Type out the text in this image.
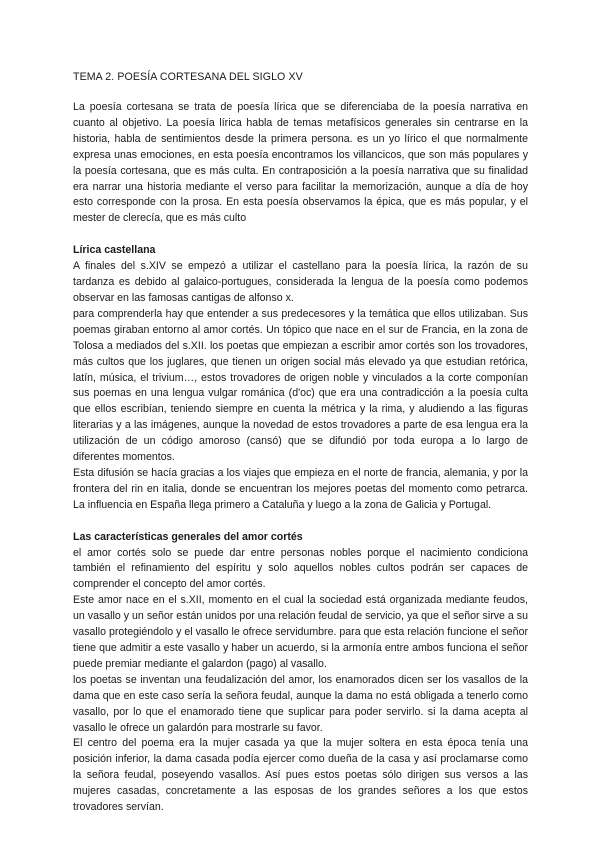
TEMA 2. POESÍA CORTESANA DEL SIGLO XV

La poesía cortesana se trata de poesía lírica que se diferenciaba de la poesía narrativa en cuanto al objetivo. La poesía lírica habla de temas metafísicos generales sin centrarse en la historia, habla de sentimientos desde la primera persona. es un yo lírico el que normalmente expresa unas emociones, en esta poesía encontramos los villancicos, que son más populares y la poesía cortesana, que es más culta. En contraposición a la poesía narrativa que su finalidad era narrar una historia mediante el verso para facilitar la memorización, aunque a día de hoy esto corresponde con la prosa. En esta poesía observamos la épica, que es más popular, y el mester de clerecía, que es más culto

Lírica castellana

A finales del s.XIV se empezó a utilizar el castellano para la poesía lírica, la razón de su tardanza es debido al galaico-portugues, considerada la lengua de la poesía como podemos observar en las famosas cantigas de alfonso x.

para comprenderla hay que entender a sus predecesores y la temática que ellos utilizaban. Sus poemas giraban entorno al amor cortés. Un tópico que nace en el sur de Francia, en la zona de Tolosa a mediados del s.XII. los poetas que empiezan a escribir amor cortés son los trovadores, más cultos que los juglares, que tienen un origen social más elevado ya que estudian retórica, latín, música, el trivium…, estos trovadores de origen noble y vinculados a la corte componían sus poemas en una lengua vulgar románica (d'oc) que era una contradicción a la poesía culta que ellos escribían, teniendo siempre en cuenta la métrica y la rima, y aludiendo a las figuras literarias y a las imágenes, aunque la novedad de estos trovadores a parte de esa lengua era la utilización de un código amoroso (cansó) que se difundió por toda europa a lo largo de diferentes momentos.

Esta difusión se hacía gracias a los viajes que empieza en el norte de francia, alemania, y por la frontera del rin en italia, donde se encuentran los mejores poetas del momento como petrarca. La influencia en España llega primero a Cataluña y luego a la zona de Galicia y Portugal.

Las características generales del amor cortés

el amor cortés solo se puede dar entre personas nobles porque el nacimiento condiciona también el refinamiento del espíritu y solo aquellos nobles cultos podrán ser capaces de comprender el concepto del amor cortés.

Este amor nace en el s.XII, momento en el cual la sociedad está organizada mediante feudos, un vasallo y un señor están unidos por una relación feudal de servicio, ya que el señor sirve a su vasallo protegiéndolo y el vasallo le ofrece servidumbre. para que esta relación funcione el señor tiene que admitir a este vasallo y haber un acuerdo, si la armonía entre ambos funciona el señor puede premiar mediante el galardon (pago) al vasallo.

los poetas se inventan una feudalización del amor, los enamorados dicen ser los vasallos de la dama que en este caso sería la señora feudal, aunque la dama no está obligada a tenerlo como vasallo, por lo que el enamorado tiene que suplicar para poder servirlo. si la dama acepta al vasallo le ofrece un galardón para mostrarle su favor.

El centro del poema era la mujer casada ya que la mujer soltera en esta época tenía una posición inferior, la dama casada podía ejercer como dueña de la casa y así proclamarse como la señora feudal, poseyendo vasallos. Así pues estos poetas sólo dirigen sus versos a las mujeres casadas, concretamente a las esposas de los grandes señores a los que estos trovadores servían.
